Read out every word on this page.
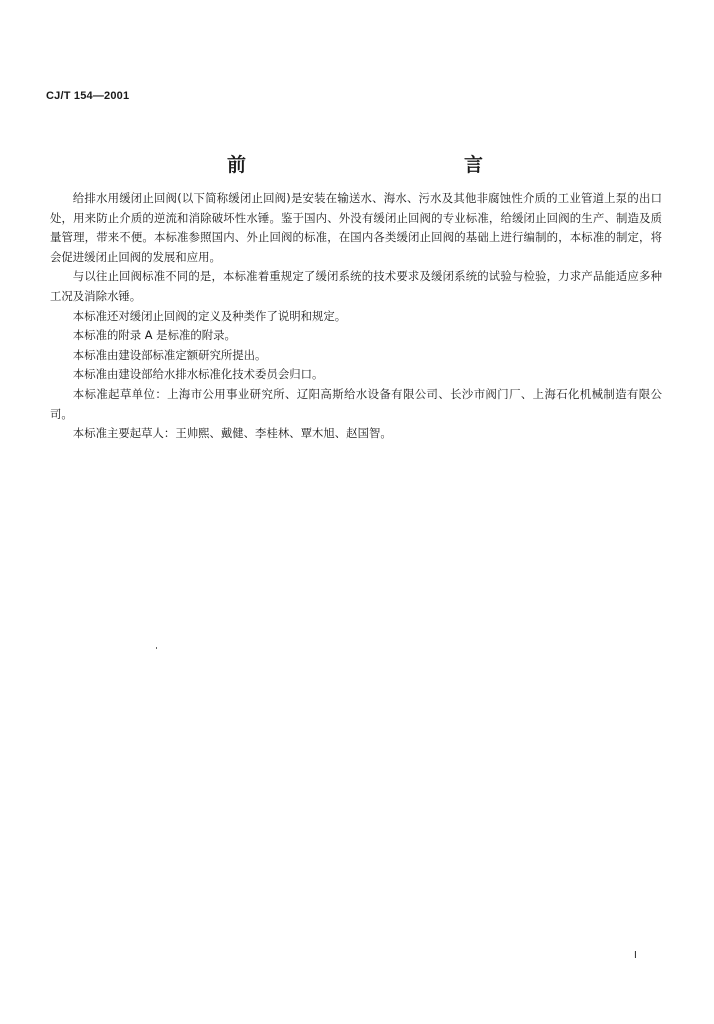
CJ/T 154—2001
前　　言

给排水用缓闭止回阀(以下简称缓闭止回阀)是安装在输送水、海水、污水及其他非腐蚀性介质的工业管道上泵的出口处，用来防止介质的逆流和消除破坏性水锤。鉴于国内、外没有缓闭止回阀的专业标准，给缓闭止回阀的生产、制造及质量管理，带来不便。本标准参照国内、外止回阀的标准，在国内各类缓闭止回阀的基础上进行编制的，本标准的制定，将会促进缓闭止回阀的发展和应用。

与以往止回阀标准不同的是，本标准着重规定了缓闭系统的技术要求及缓闭系统的试验与检验，力求产品能适应多种工况及消除水锤。

本标准还对缓闭止回阀的定义及种类作了说明和规定。

本标准的附录 A 是标准的附录。

本标准由建设部标准定额研究所提出。

本标准由建设部给水排水标准化技术委员会归口。

本标准起草单位：上海市公用事业研究所、辽阳高斯给水设备有限公司、长沙市阀门厂、上海石化机械制造有限公司。

本标准主要起草人：王帅熙、戴健、李桂林、覃木旭、赵国智。

I
